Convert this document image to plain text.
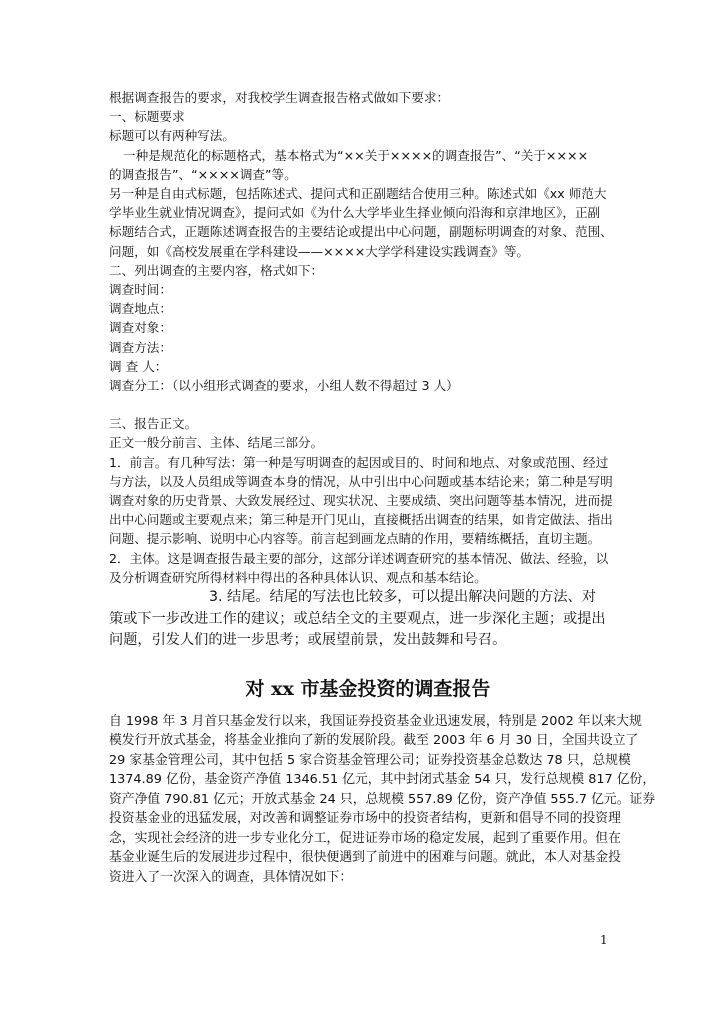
根据调查报告的要求，对我校学生调查报告格式做如下要求：
一、标题要求
标题可以有两种写法。
一种是规范化的标题格式，基本格式为“××关于××××的调查报告”、“关于××××
的调查报告”、“××××调查”等。
另一种是自由式标题，包括陈述式、提问式和正副题结合使用三种。陈述式如《xx 师范大
学毕业生就业情况调查》，提问式如《为什么大学毕业生择业倾向沿海和京津地区》，正副
标题结合式，正题陈述调查报告的主要结论或提出中心问题，副题标明调查的对象、范围、
问题，如《高校发展重在学科建设——××××大学学科建设实践调查》等。
二、列出调查的主要内容，格式如下：
调查时间：
调查地点：
调查对象：
调查方法：
调 查 人：
调查分工：（以小组形式调查的要求，小组人数不得超过 3 人）
三、报告正文。
正文一般分前言、主体、结尾三部分。
1．前言。有几种写法：第一种是写明调查的起因或目的、时间和地点、对象或范围、经过
与方法，以及人员组成等调查本身的情况，从中引出中心问题或基本结论来；第二种是写明
调查对象的历史背景、大致发展经过、现实状况、主要成绩、突出问题等基本情况，进而提
出中心问题或主要观点来；第三种是开门见山，直接概括出调查的结果，如肯定做法、指出
问题、提示影响、说明中心内容等。前言起到画龙点睛的作用，要精练概括，直切主题。
2．主体。这是调查报告最主要的部分，这部分详述调查研究的基本情况、做法、经验，以
及分析调查研究所得材料中得出的各种具体认识、观点和基本结论。
3. 结尾。结尾的写法也比较多，可以提出解决问题的方法、对
策或下一步改进工作的建议；或总结全文的主要观点，进一步深化主题；或提出
问题，引发人们的进一步思考；或展望前景，发出鼓舞和号召。
对 xx 市基金投资的调查报告
自 1998 年 3 月首只基金发行以来，我国证券投资基金业迅速发展，特别是 2002 年以来大规
模发行开放式基金，将基金业推向了新的发展阶段。截至 2003 年 6 月 30 日，全国共设立了
29 家基金管理公司，其中包括 5 家合资基金管理公司；证券投资基金总数达 78 只，总规模
1374.89 亿份，基金资产净值 1346.51 亿元，其中封闭式基金 54 只，发行总规模 817 亿份，
资产净值 790.81 亿元；开放式基金 24 只，总规模 557.89 亿份，资产净值 555.7 亿元。证券
投资基金业的迅猛发展，对改善和调整证券市场中的投资者结构，更新和倡导不同的投资理
念，实现社会经济的进一步专业化分工，促进证券市场的稳定发展，起到了重要作用。但在
基金业诞生后的发展进步过程中，很快便遇到了前进中的困难与问题。就此，本人对基金投
资进入了一次深入的调查，具体情况如下：
1
